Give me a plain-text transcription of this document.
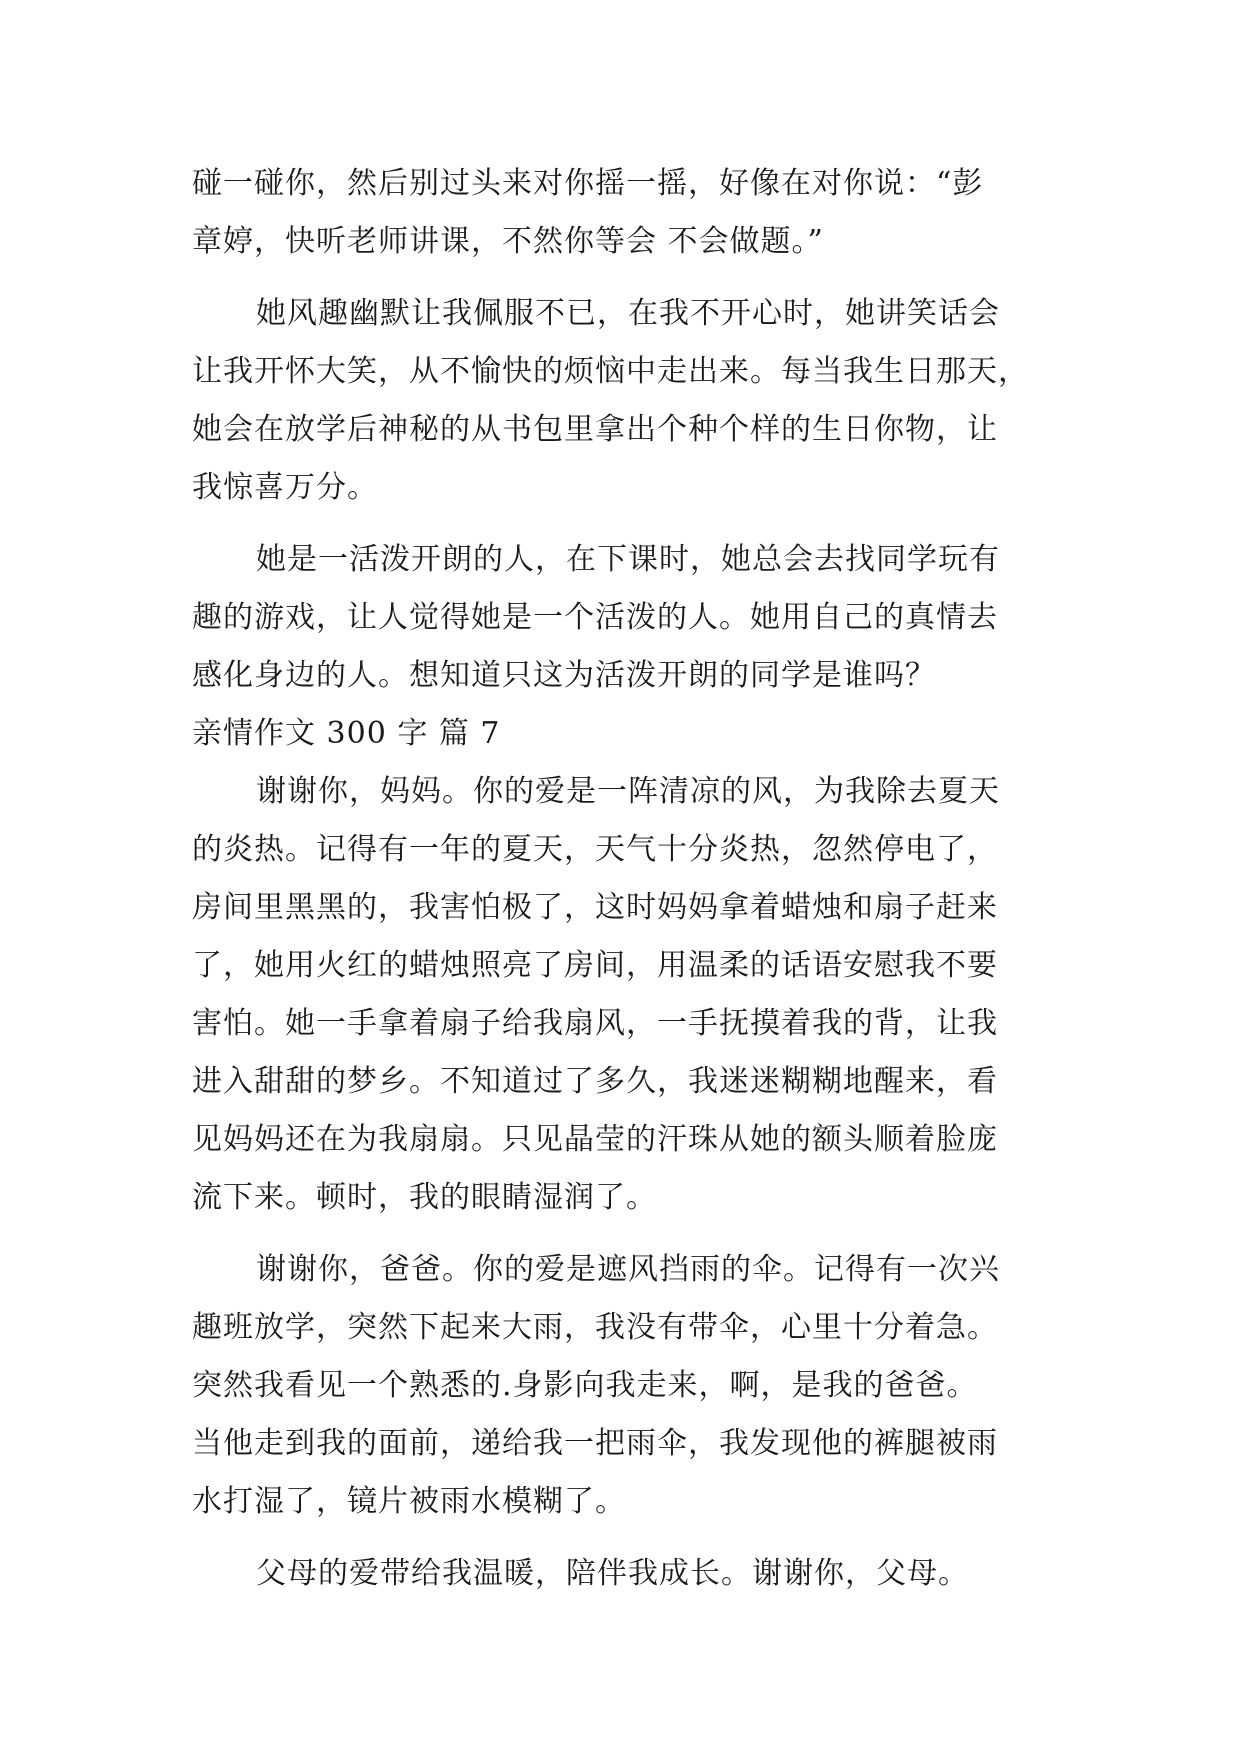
碰一碰你，然后别过头来对你摇一摇，好像在对你说：“彭
章婷，快听老师讲课，不然你等会 不会做题。”
她风趣幽默让我佩服不已，在我不开心时，她讲笑话会
让我开怀大笑，从不愉快的烦恼中走出来。每当我生日那天，
她会在放学后神秘的从书包里拿出个种个样的生日你物，让
我惊喜万分。
她是一活泼开朗的人，在下课时，她总会去找同学玩有
趣的游戏，让人觉得她是一个活泼的人。她用自己的真情去
感化身边的人。想知道只这为活泼开朗的同学是谁吗？
亲情作文 300 字 篇 7
谢谢你，妈妈。你的爱是一阵清凉的风，为我除去夏天
的炎热。记得有一年的夏天，天气十分炎热，忽然停电了，
房间里黑黑的，我害怕极了，这时妈妈拿着蜡烛和扇子赶来
了，她用火红的蜡烛照亮了房间，用温柔的话语安慰我不要
害怕。她一手拿着扇子给我扇风，一手抚摸着我的背，让我
进入甜甜的梦乡。不知道过了多久，我迷迷糊糊地醒来，看
见妈妈还在为我扇扇。只见晶莹的汗珠从她的额头顺着脸庞
流下来。顿时，我的眼睛湿润了。
谢谢你，爸爸。你的爱是遮风挡雨的伞。记得有一次兴
趣班放学，突然下起来大雨，我没有带伞，心里十分着急。
突然我看见一个熟悉的.身影向我走来，啊，是我的爸爸。
当他走到我的面前，递给我一把雨伞，我发现他的裤腿被雨
水打湿了，镜片被雨水模糊了。
父母的爱带给我温暖，陪伴我成长。谢谢你，父母。
